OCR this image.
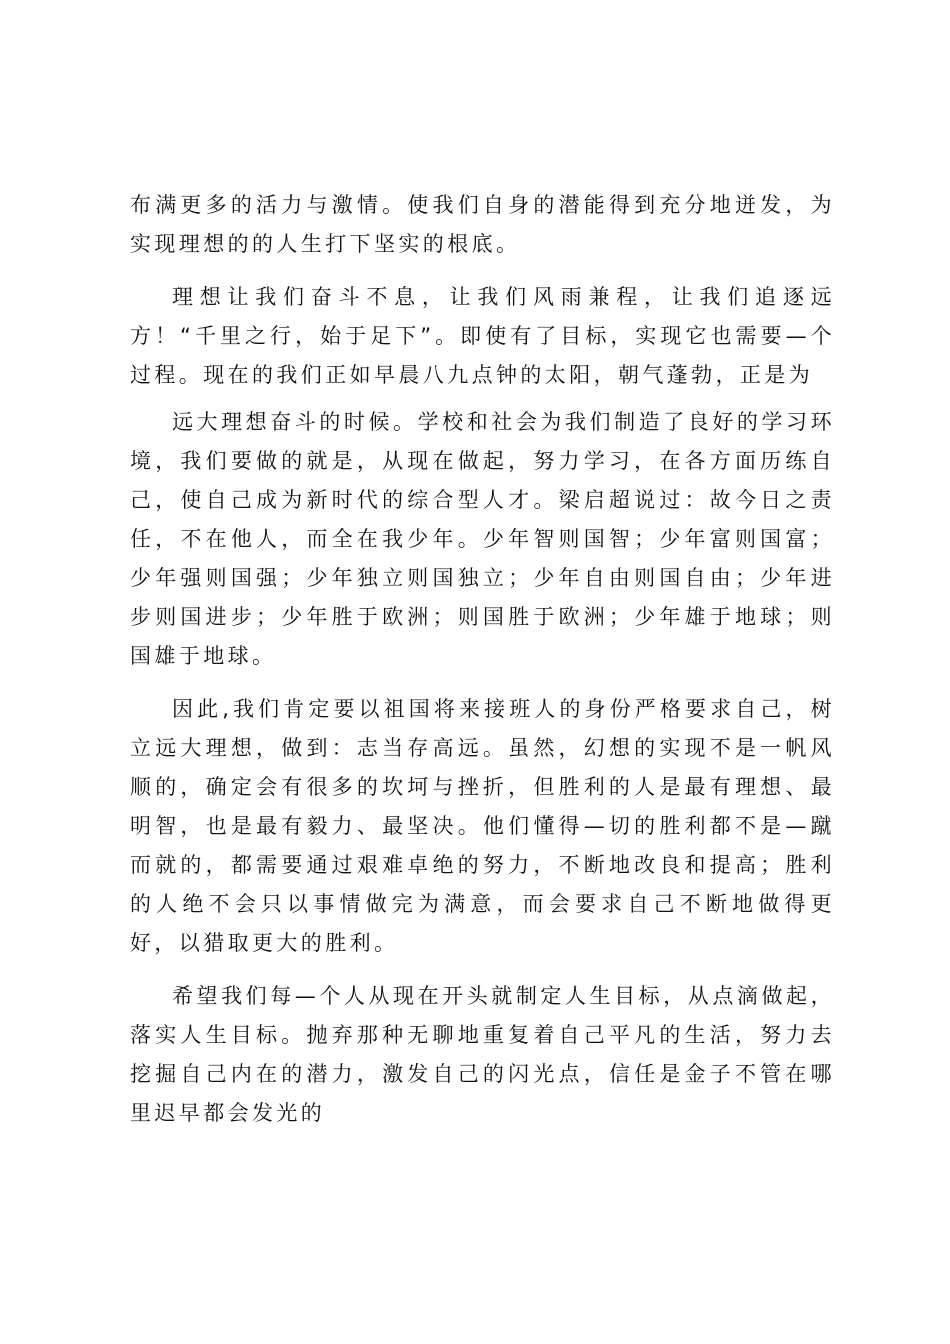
布满更多的活力与激情。使我们自身的潜能得到充分地迸发，为实现理想的的人生打下坚实的根底。

理想让我们奋斗不息，让我们风雨兼程，让我们追逐远方！“千里之行，始于足下”。即使有了目标，实现它也需要—个过程。现在的我们正如早晨八九点钟的太阳，朝气蓬勃，正是为

远大理想奋斗的时候。学校和社会为我们制造了良好的学习环境，我们要做的就是，从现在做起，努力学习，在各方面历练自己，使自己成为新时代的综合型人才。梁启超说过：故今日之责任，不在他人，而全在我少年。少年智则国智；少年富则国富；少年强则国强；少年独立则国独立；少年自由则国自由；少年进步则国进步；少年胜于欧洲；则国胜于欧洲；少年雄于地球；则国雄于地球。

因此,我们肯定要以祖国将来接班人的身份严格要求自己，树立远大理想，做到：志当存高远。虽然，幻想的实现不是一帆风顺的，确定会有很多的坎坷与挫折，但胜利的人是最有理想、最明智，也是最有毅力、最坚决。他们懂得—切的胜利都不是—蹴而就的，都需要通过艰难卓绝的努力，不断地改良和提高；胜利的人绝不会只以事情做完为满意，而会要求自己不断地做得更好，以猎取更大的胜利。

希望我们每—个人从现在开头就制定人生目标，从点滴做起，落实人生目标。抛弃那种无聊地重复着自己平凡的生活，努力去挖掘自己内在的潜力，激发自己的闪光点，信任是金子不管在哪里迟早都会发光的
